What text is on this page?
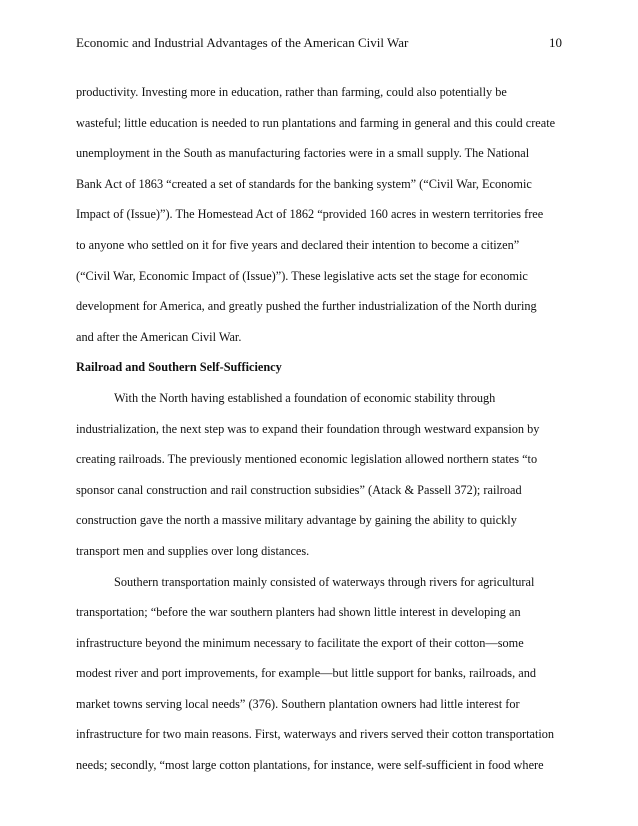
Economic and Industrial Advantages of the American Civil War	10
productivity. Investing more in education, rather than farming, could also potentially be
wasteful; little education is needed to run plantations and farming in general and this could create
unemployment in the South as manufacturing factories were in a small supply. The National
Bank Act of 1863 “created a set of standards for the banking system” (“Civil War, Economic
Impact of (Issue)”). The Homestead Act of 1862 “provided 160 acres in western territories free
to anyone who settled on it for five years and declared their intention to become a citizen”
(“Civil War, Economic Impact of (Issue)”). These legislative acts set the stage for economic
development for America, and greatly pushed the further industrialization of the North during
and after the American Civil War.
Railroad and Southern Self-Sufficiency
With the North having established a foundation of economic stability through
industrialization, the next step was to expand their foundation through westward expansion by
creating railroads. The previously mentioned economic legislation allowed northern states “to
sponsor canal construction and rail construction subsidies” (Atack & Passell 372); railroad
construction gave the north a massive military advantage by gaining the ability to quickly
transport men and supplies over long distances.
Southern transportation mainly consisted of waterways through rivers for agricultural
transportation; “before the war southern planters had shown little interest in developing an
infrastructure beyond the minimum necessary to facilitate the export of their cotton—some
modest river and port improvements, for example—but little support for banks, railroads, and
market towns serving local needs” (376). Southern plantation owners had little interest for
infrastructure for two main reasons. First, waterways and rivers served their cotton transportation
needs; secondly, “most large cotton plantations, for instance, were self-sufficient in food where
